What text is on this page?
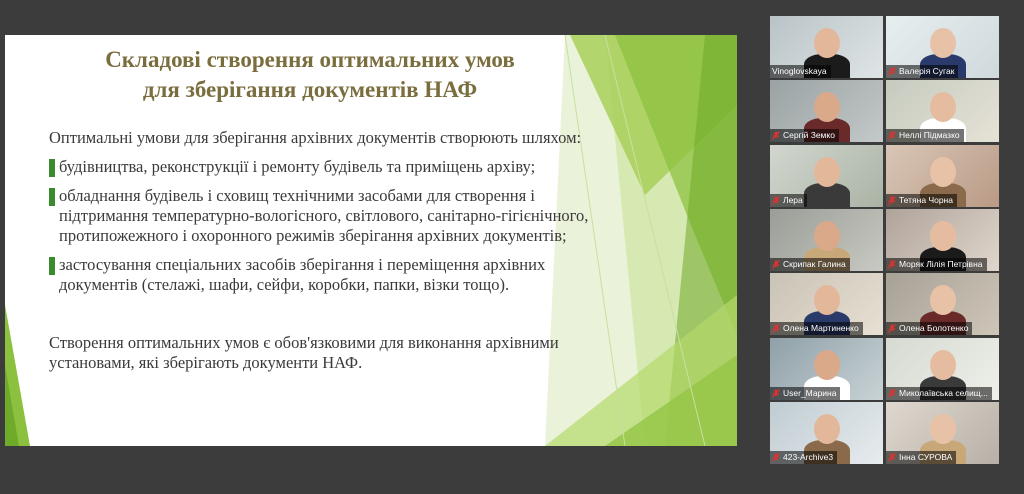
Складові створення оптимальних умов
для зберігання документів НАФ

Оптимальні умови для зберігання архівних документів створюють шляхом:

будівництва, реконструкції і ремонту будівель та приміщень архіву;
обладнання будівель і сховищ технічними засобами для створення і підтримання температурно-вологісного, світлового, санітарно-гігієнічного, протипожежного і охоронного режимів зберігання архівних документів;
застосування спеціальних засобів зберігання і переміщення архівних документів (стелажі, шафи, сейфи, коробки, папки, візки тощо).

Створення оптимальних умов є обов'язковими для виконання архівними установами, які зберігають документи НАФ.

Vinoglovskaya	Валерія Сугак
Сергій Земко	Неллі Підмазко
Лера	Тетяна Чорна
Скрипак Галина	Моряк Лілія Петрівна
Олена Мартиненко	Олена Болотенко
User_Марина	Миколаївська селищ...
423-Archive3	Інна СУРОВА
